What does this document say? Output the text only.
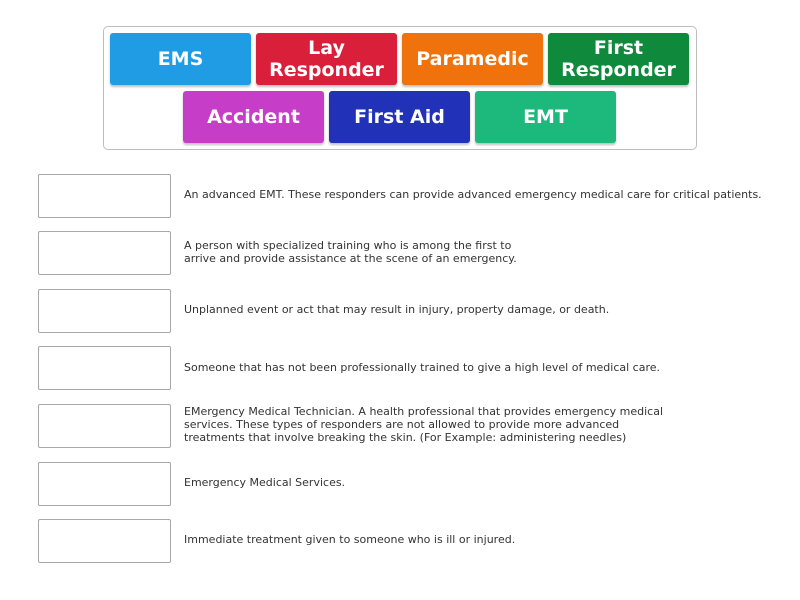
EMS	Lay
Responder Paramedic	First
Responder
Accident	First Aid	EMT
An advanced EMT. These responders can provide advanced emergency medical care for critical patients.
A person with specialized training who is among the first to
arrive and provide assistance at the scene of an emergency.
Unplanned event or act that may result in injury, property damage, or death.
Someone that has not been professionally trained to give a high level of medical care.
EMergency Medical Technician. A health professional that provides emergency medical
services. These types of responders are not allowed to provide more advanced
treatments that involve breaking the skin. (For Example: administering needles)
Emergency Medical Services.
Immediate treatment given to someone who is ill or injured.
